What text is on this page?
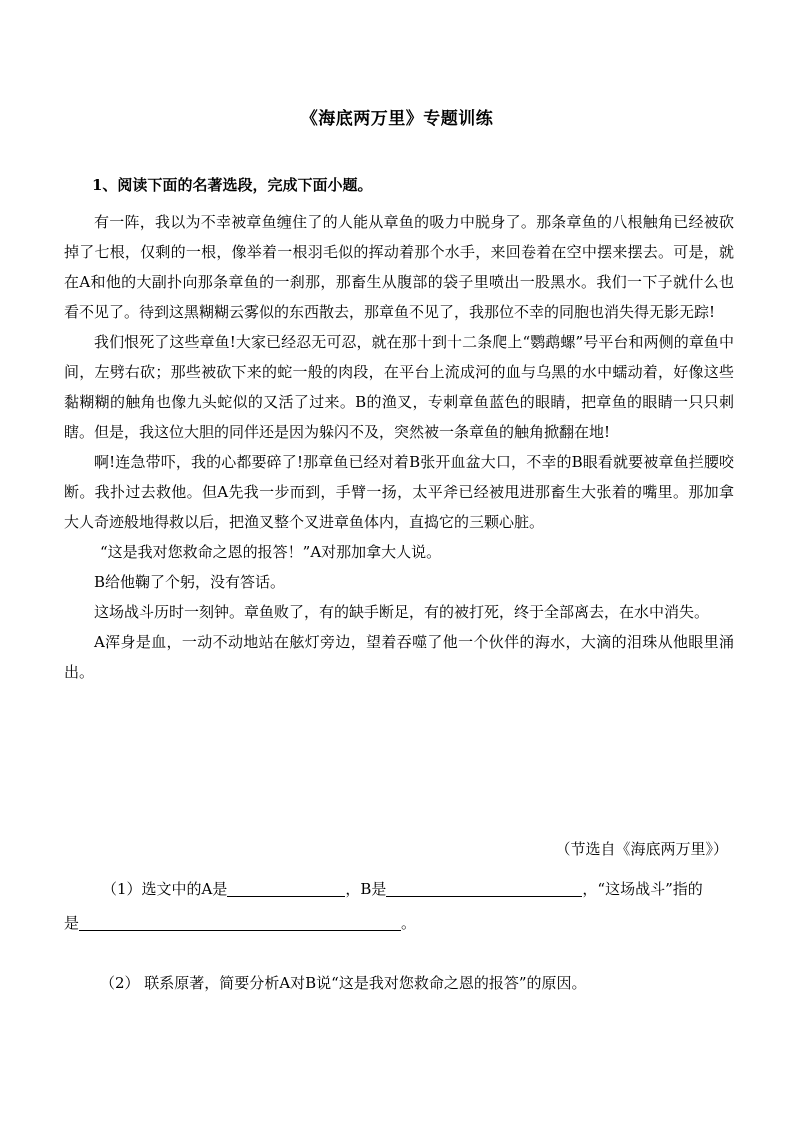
《海底两万里》专题训练
1、阅读下面的名著选段，完成下面小题。

有一阵，我以为不幸被章鱼缠住了的人能从章鱼的吸力中脱身了。那条章鱼的八根触角已经被砍掉了七根，仅剩的一根，像举着一根羽毛似的挥动着那个水手，来回卷着在空中摆来摆去。可是，就在A和他的大副扑向那条章鱼的一刹那，那畜生从腹部的袋子里喷出一股黑水。我们一下子就什么也看不见了。待到这黑糊糊云雾似的东西散去，那章鱼不见了，我那位不幸的同胞也消失得无影无踪!

我们恨死了这些章鱼!大家已经忍无可忍，就在那十到十二条爬上“鹦鹉螺”号平台和两侧的章鱼中间，左劈右砍；那些被砍下来的蛇一般的肉段，在平台上流成河的血与乌黑的水中蠕动着，好像这些黏糊糊的触角也像九头蛇似的又活了过来。B的渔叉，专刺章鱼蓝色的眼睛，把章鱼的眼睛一只只刺瞎。但是，我这位大胆的同伴还是因为躲闪不及，突然被一条章鱼的触角掀翻在地!

啊!连急带吓，我的心都要碎了!那章鱼已经对着B张开血盆大口，不幸的B眼看就要被章鱼拦腰咬断。我扑过去救他。但A先我一步而到，手臂一扬，太平斧已经被甩进那畜生大张着的嘴里。那加拿大人奇迹般地得救以后，把渔叉整个叉进章鱼体内，直捣它的三颗心脏。

“这是我对您救命之恩的报答！”A对那加拿大人说。

B给他鞠了个躬，没有答话。

这场战斗历时一刻钟。章鱼败了，有的缺手断足，有的被打死，终于全部离去，在水中消失。

A浑身是血，一动不动地站在舷灯旁边，望着吞噬了他一个伙伴的海水，大滴的泪珠从他眼里涌出。

（节选自《海底两万里》）
（1）选文中的A是	，B是	，“这场战斗”指的
是	。
（2） 联系原著，简要分析A对B说“这是我对您救命之恩的报答”的原因。
